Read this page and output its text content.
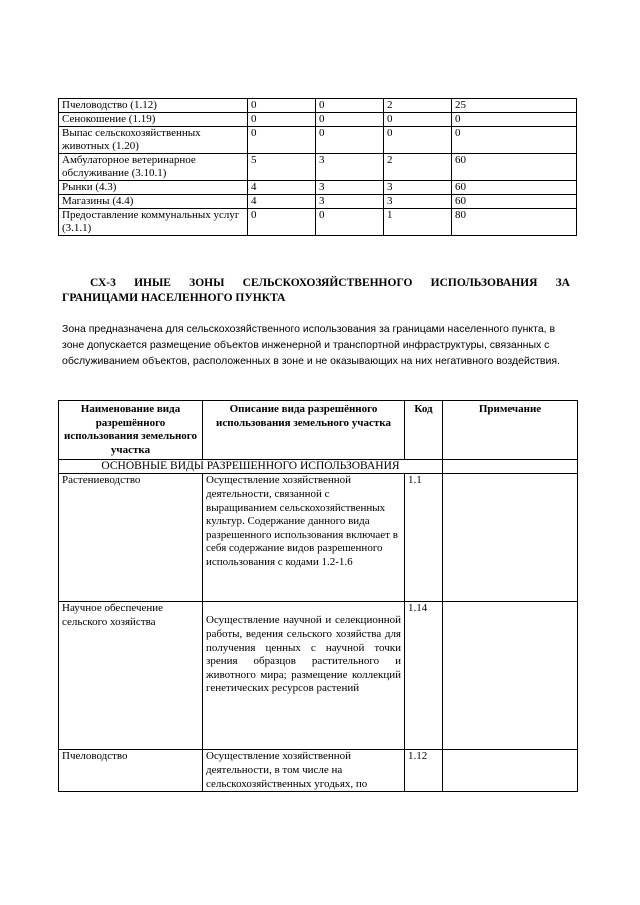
Пчеловодство (1.12)	0	0	2	25
Сенокошение (1.19)	0	0	0	0
Выпас сельскохозяйственных животных (1.20)	0	0	0	0
Амбулаторное ветеринарное обслуживание (3.10.1)	5	3	2	60
Рынки (4.3)	4	3	3	60
Магазины (4.4)	4	3	3	60
Предоставление коммунальных услуг (3.1.1)	0	0	1	80

СХ-3 ИНЫЕ ЗОНЫ СЕЛЬСКОХОЗЯЙСТВЕННОГО ИСПОЛЬЗОВАНИЯ ЗА ГРАНИЦАМИ НАСЕЛЕННОГО ПУНКТА

Зона предназначена для сельскохозяйственного использования за границами населенного пункта, в зоне допускается размещение объектов инженерной и транспортной инфраструктуры, связанных с обслуживанием объектов, расположенных в зоне и не оказывающих на них негативного воздействия.

Наименование вида разрешённого использования земельного участка	Описание вида разрешённого использования земельного участка	Код	Примечание
ОСНОВНЫЕ ВИДЫ РАЗРЕШЕННОГО ИСПОЛЬЗОВАНИЯ			
Растениеводство	Осуществление хозяйственной деятельности, связанной с выращиванием сельскохозяйственных культур. Содержание данного вида разрешенного использования включает в себя содержание видов разрешенного использования с кодами 1.2-1.6	1.1	
Научное обеспечение сельского хозяйства	Осуществление научной и селекционной работы, ведения сельского хозяйства для получения ценных с научной точки зрения образцов растительного и животного мира; размещение коллекций генетических ресурсов растений	1.14	
Пчеловодство	Осуществление хозяйственной деятельности, в том числе на сельскохозяйственных угодьях, по	1.12	
